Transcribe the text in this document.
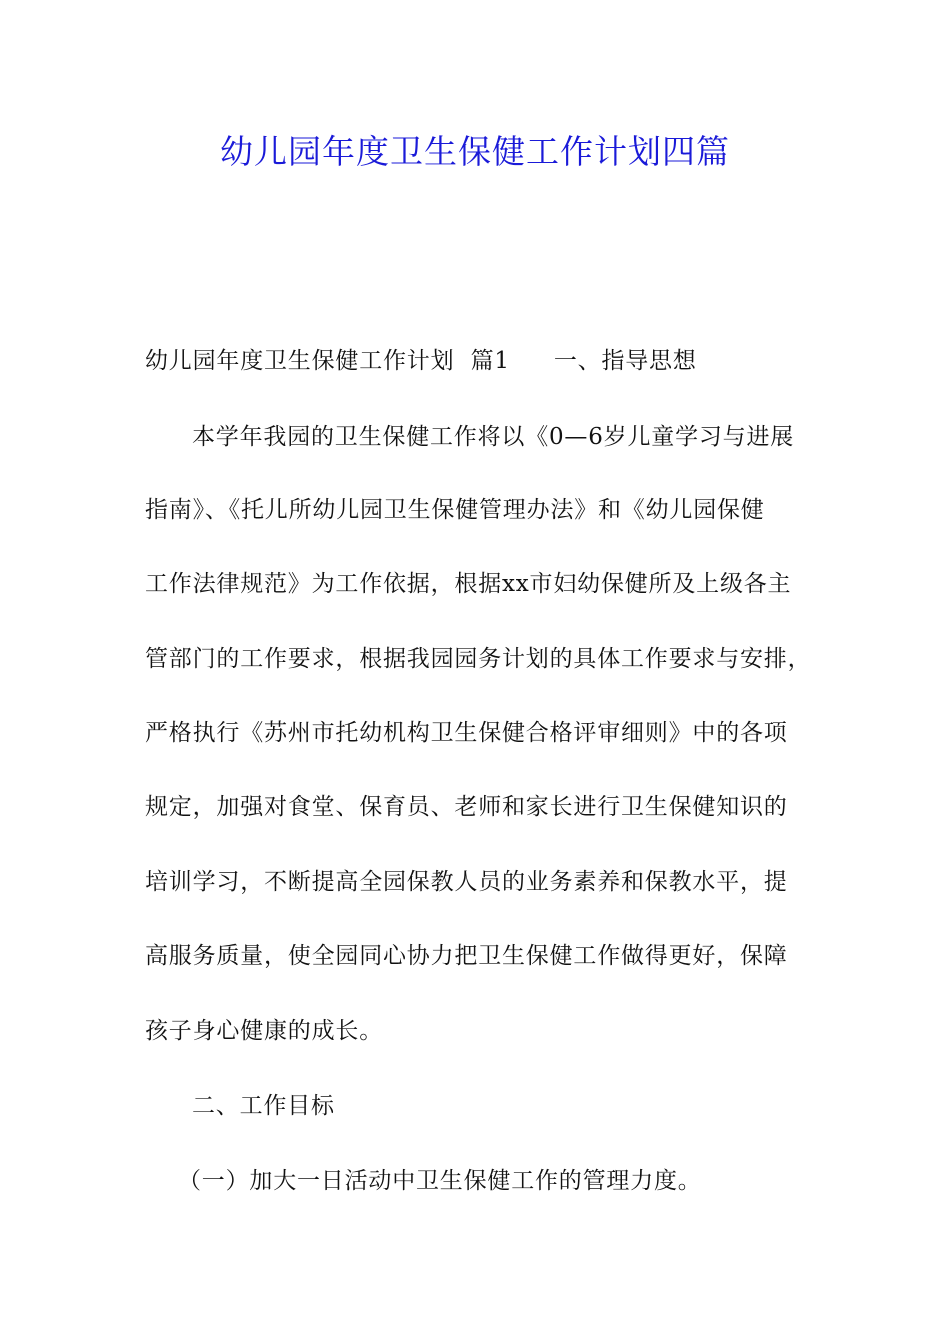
幼儿园年度卫生保健工作计划四篇
幼儿园年度卫生保健工作计划  篇1 一、指导思想
本学年我园的卫生保健工作将以《0—6岁儿童学习与进展
指南》、《托儿所幼儿园卫生保健管理办法》和《幼儿园保健
工作法律规范》为工作依据，根据xx市妇幼保健所及上级各主
管部门的工作要求，根据我园园务计划的具体工作要求与安排，
严格执行《苏州市托幼机构卫生保健合格评审细则》中的各项
规定，加强对食堂、保育员、老师和家长进行卫生保健知识的
培训学习，不断提高全园保教人员的业务素养和保教水平，提
高服务质量，使全园同心协力把卫生保健工作做得更好，保障
孩子身心健康的成长。
二、工作目标
（一）加大一日活动中卫生保健工作的管理力度。
